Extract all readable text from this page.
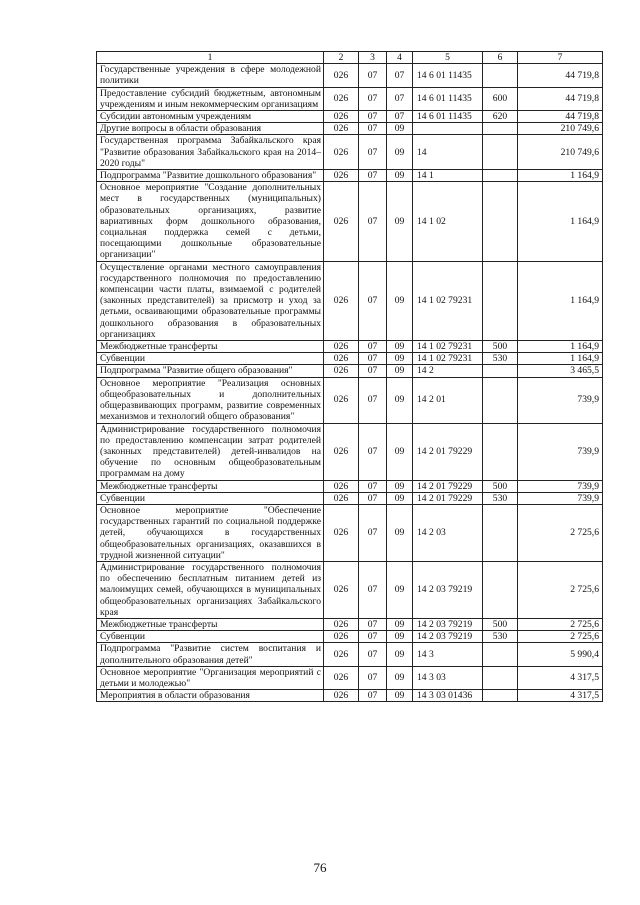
1	2	3	4	5	6	7
Государственные учреждения в сфере молодежной политики	026	07	07	14 6 01 11435		44 719,8
Предоставление субсидий бюджетным, автономным учреждениям и иным некоммерческим организациям	026	07	07	14 6 01 11435	600	44 719,8
Субсидии автономным учреждениям	026	07	07	14 6 01 11435	620	44 719,8
Другие вопросы в области образования	026	07	09			210 749,6
Государственная программа Забайкальского края "Развитие образования Забайкальского края на 2014–2020 годы"	026	07	09	14		210 749,6
Подпрограмма "Развитие дошкольного образования"	026	07	09	14 1		1 164,9
Основное мероприятие "Создание дополнительных мест в государственных (муниципальных) образовательных организациях, развитие вариативных форм дошкольного образования, социальная поддержка семей с детьми, посещающими дошкольные образовательные организации"	026	07	09	14 1 02		1 164,9
Осуществление органами местного самоуправления государственного полномочия по предоставлению компенсации части платы, взимаемой с родителей (законных представителей) за присмотр и уход за детьми, осваивающими образовательные программы дошкольного образования в образовательных организациях	026	07	09	14 1 02 79231		1 164,9
Межбюджетные трансферты	026	07	09	14 1 02 79231	500	1 164,9
Субвенции	026	07	09	14 1 02 79231	530	1 164,9
Подпрограмма "Развитие общего образования"	026	07	09	14 2		3 465,5
Основное мероприятие "Реализация основных общеобразовательных и дополнительных общеразвивающих программ, развитие современных механизмов и технологий общего образования"	026	07	09	14 2 01		739,9
Администрирование государственного полномочия по предоставлению компенсации затрат родителей (законных представителей) детей-инвалидов на обучение по основным общеобразовательным программам на дому	026	07	09	14 2 01 79229		739,9
Межбюджетные трансферты	026	07	09	14 2 01 79229	500	739,9
Субвенции	026	07	09	14 2 01 79229	530	739,9
Основное мероприятие "Обеспечение государственных гарантий по социальной поддержке детей, обучающихся в государственных общеобразовательных организациях, оказавшихся в трудной жизненной ситуации"	026	07	09	14 2 03		2 725,6
Администрирование государственного полномочия по обеспечению бесплатным питанием детей из малоимущих семей, обучающихся в муниципальных общеобразовательных организациях Забайкальского края	026	07	09	14 2 03 79219		2 725,6
Межбюджетные трансферты	026	07	09	14 2 03 79219	500	2 725,6
Субвенции	026	07	09	14 2 03 79219	530	2 725,6
Подпрограмма "Развитие систем воспитания и дополнительного образования детей"	026	07	09	14 3		5 990,4
Основное мероприятие "Организация мероприятий с детьми и молодежью"	026	07	09	14 3 03		4 317,5
Мероприятия в области образования	026	07	09	14 3 03 01436		4 317,5
76
